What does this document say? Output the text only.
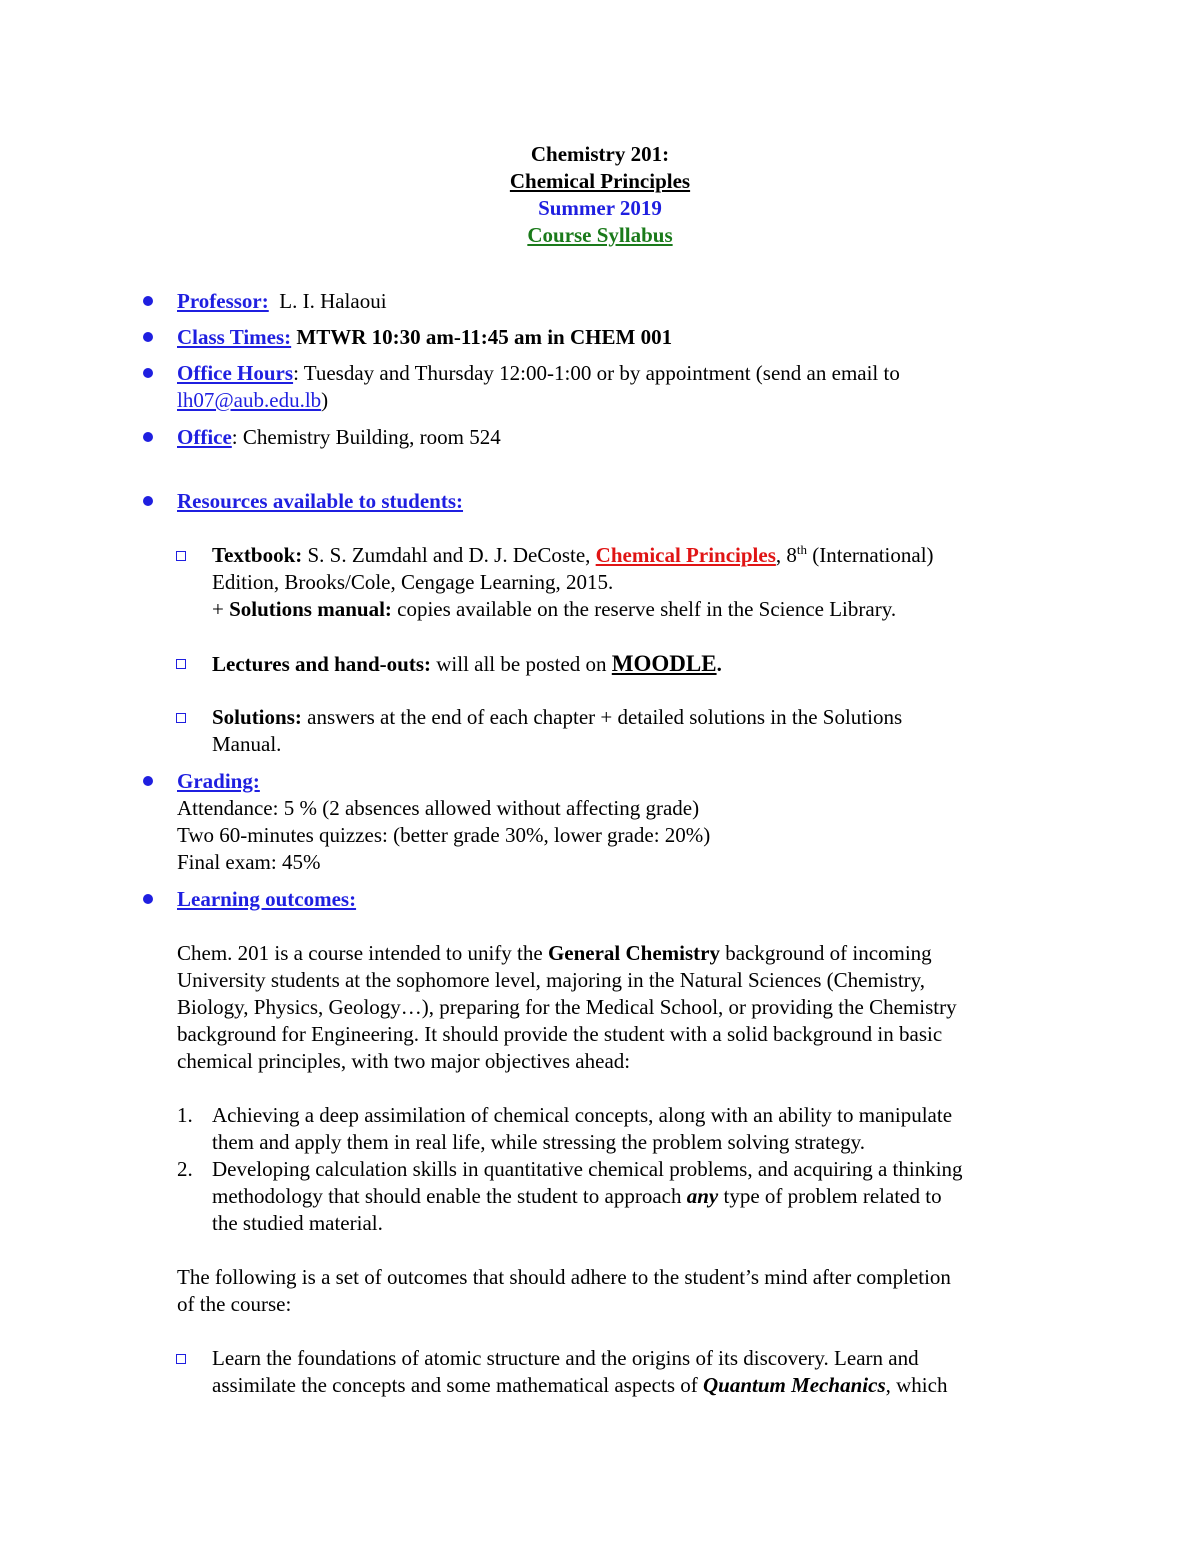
Chemistry 201:
Chemical Principles
Summer 2019
Course Syllabus
Professor: L. I. Halaoui
Class Times: MTWR 10:30 am-11:45 am in CHEM 001
Office Hours: Tuesday and Thursday 12:00-1:00 or by appointment (send an email to
lh07@aub.edu.lb)
Office: Chemistry Building, room 524
Resources available to students:
Textbook: S. S. Zumdahl and D. J. DeCoste, Chemical Principles, 8th (International)
Edition, Brooks/Cole, Cengage Learning, 2015.
+ Solutions manual: copies available on the reserve shelf in the Science Library.
Lectures and hand-outs: will all be posted on MOODLE.
Solutions: answers at the end of each chapter + detailed solutions in the Solutions
Manual.
Grading:
Attendance: 5 % (2 absences allowed without affecting grade)
Two 60-minutes quizzes: (better grade 30%, lower grade: 20%)
Final exam: 45%
Learning outcomes:
Chem. 201 is a course intended to unify the General Chemistry background of incoming
University students at the sophomore level, majoring in the Natural Sciences (Chemistry,
Biology, Physics, Geology…), preparing for the Medical School, or providing the Chemistry
background for Engineering. It should provide the student with a solid background in basic
chemical principles, with two major objectives ahead:
1. Achieving a deep assimilation of chemical concepts, along with an ability to manipulate
them and apply them in real life, while stressing the problem solving strategy.
2. Developing calculation skills in quantitative chemical problems, and acquiring a thinking
methodology that should enable the student to approach any type of problem related to
the studied material.
The following is a set of outcomes that should adhere to the student’s mind after completion
of the course:
Learn the foundations of atomic structure and the origins of its discovery. Learn and
assimilate the concepts and some mathematical aspects of Quantum Mechanics, which
